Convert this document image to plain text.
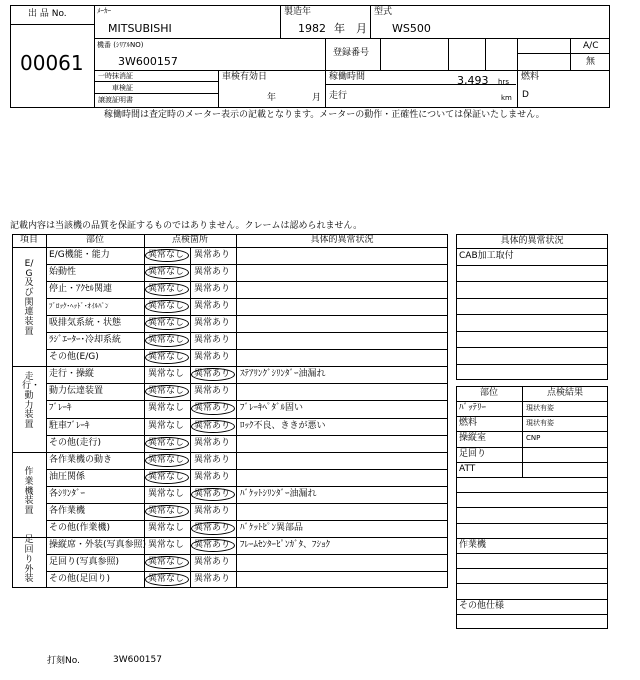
出 品 No.
00061
ﾒｰｶｰ
MITSUBISHI
製造年
1982 年 月
型式
WS500
機番 (ｼﾘｱﾙNO)
3W600157
登録番号
A/C
無
一時抹消証
車検証
譲渡証明書
車検有効日
年	月
稼働時間	3,493 hrs
走行	km
燃料
D
稼働時間は査定時のメーター表示の記載となります。メーターの動作・正確性については保証いたしません。
記載内容は当該機の品質を保証するものではありません。クレームは認められません。
項目	部位	点検箇所	具体的異常状況
E/G及び関連装置
E/G機能・能力	異常なし 異常あり
始動性	異常なし 異常あり
停止・ｱｸｾﾙ関連	異常なし 異常あり
ﾌﾞﾛｯｸ･ﾍｯﾄﾞ･ｵｲﾙﾊﾟﾝ	異常なし 異常あり
吸排気系統・状態	異常なし 異常あり
ﾗｼﾞｴｰﾀｰ･冷却系統	異常なし 異常あり
その他(E/G)	異常なし 異常あり
走行・動力装置
走行・操縦	異常なし 異常あり ｽﾃｱﾘﾝｸﾞｼﾘﾝﾀﾞｰ油漏れ
動力伝達装置	異常なし 異常あり
ﾌﾞﾚｰｷ	異常なし 異常あり ﾌﾞﾚｰｷﾍﾟﾀﾞﾙ固い
駐車ﾌﾞﾚｰｷ	異常なし 異常あり ﾛｯｸ不良、ききが悪い
その他(走行)	異常なし 異常あり
作業機装置
各作業機の動き	異常なし 異常あり
油圧関係	異常なし 異常あり
各ｼﾘﾝﾀﾞｰ	異常なし 異常あり ﾊﾞｹｯﾄｼﾘﾝﾀﾞｰ油漏れ
各作業機	異常なし 異常あり
その他(作業機)	異常なし 異常あり ﾊﾞｹｯﾄﾋﾟﾝ異部品
足回り外装
操縦席・外装(写真参照) 異常なし 異常あり ﾌﾚｰﾑｾﾝﾀｰﾋﾟﾝｶﾞﾀ、ﾌｼｮｸ
足回り(写真参照)	異常なし 異常あり
その他(足回り)	異常なし 異常あり
具体的異常状況
CAB加工取付
部位	点検結果
ﾊﾞｯﾃﾘｰ	現状有姿
燃料	現状有姿
操縦室	CNP
足回り
ATT
作業機
その他仕様
打刻No.	3W600157
